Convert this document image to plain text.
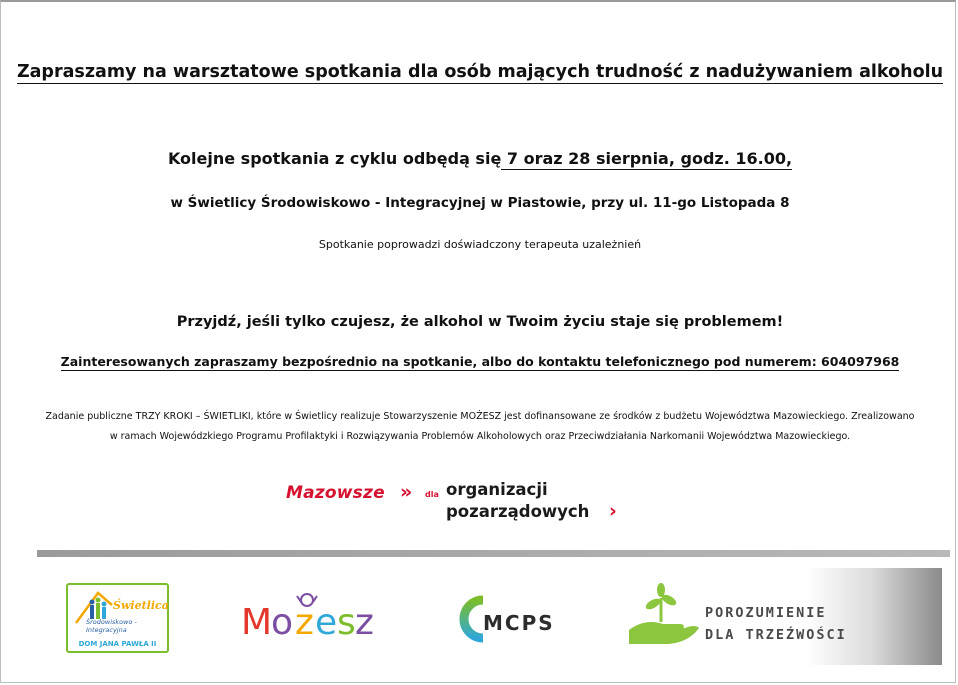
Zapraszamy na warsztatowe spotkania dla osób mających trudność z nadużywaniem alkoholu
Kolejne spotkania z cyklu odbędą się 7 oraz 28 sierpnia, godz. 16.00,
w Świetlicy Środowiskowo - Integracyjnej w Piastowie, przy ul. 11-go Listopada 8
Spotkanie poprowadzi doświadczony terapeuta uzależnień
Przyjdź, jeśli tylko czujesz, że alkohol w Twoim życiu staje się problemem!
Zainteresowanych zapraszamy bezpośrednio na spotkanie, albo do kontaktu telefonicznego pod numerem: 604097968
Zadanie publiczne TRZY KROKI – ŚWIETLIKI, które w Świetlicy realizuje Stowarzyszenie MOŻESZ jest dofinansowane ze środków z budżetu Województwa Mazowieckiego. Zrealizowano
w ramach Wojewódzkiego Programu Profilaktyki i Rozwiązywania Problemów Alkoholowych oraz Przeciwdziałania Narkomanii Województwa Mazowieckiego.
Mazowsze » dla organizacji
pozarządowych ›
Świetlica
Środowiskowo - Integracyjna
DOM JANA PAWŁA II
M
o z e s z	MCPS	POROZUMIENIE
DLA TRZEŹWOŚCI
